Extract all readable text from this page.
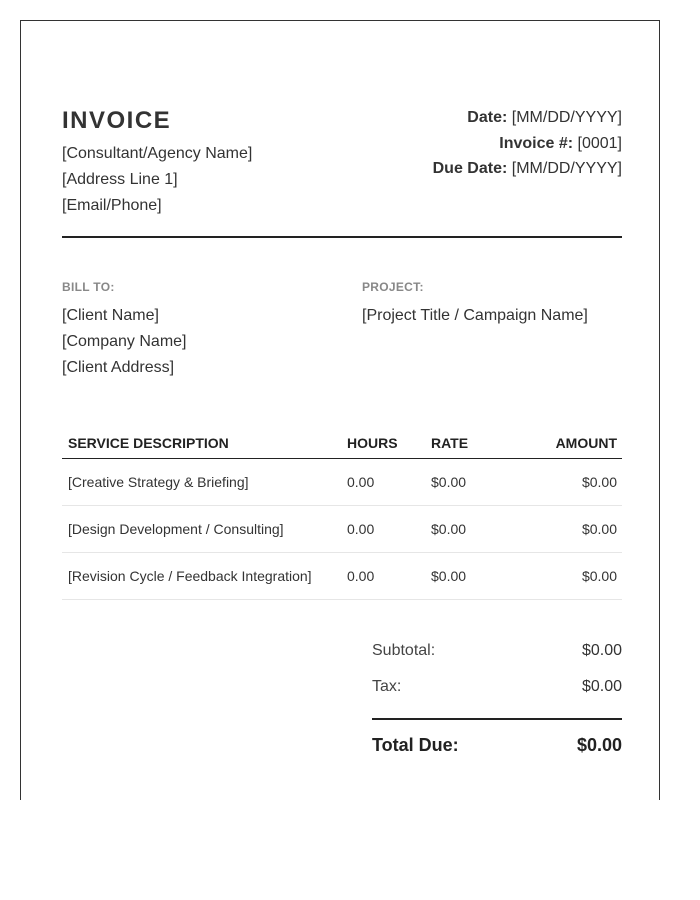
INVOICE
[Consultant/Agency Name]
[Address Line 1]
[Email/Phone]
Date: [MM/DD/YYYY]
Invoice #: [0001]
Due Date: [MM/DD/YYYY]
BILL TO:
[Client Name]
[Company Name]
[Client Address]
PROJECT:
[Project Title / Campaign Name]
SERVICE DESCRIPTION	HOURS	RATE	AMOUNT
[Creative Strategy & Briefing]	0.00	$0.00	$0.00
[Design Development / Consulting]	0.00	$0.00	$0.00
[Revision Cycle / Feedback Integration]	0.00	$0.00	$0.00
Subtotal:	$0.00
Tax:	$0.00
Total Due:	$0.00
